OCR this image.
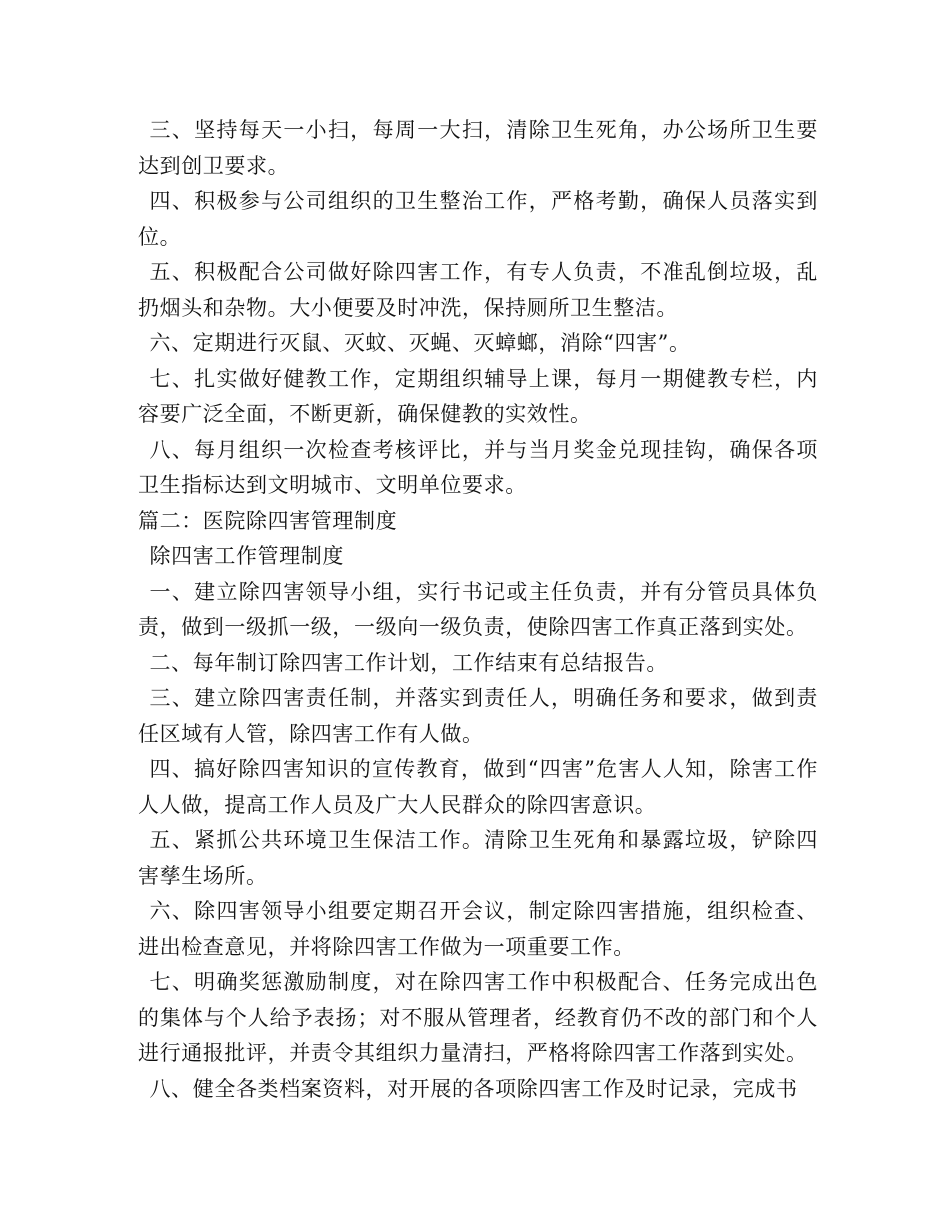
三、坚持每天一小扫，每周一大扫，清除卫生死角，办公场所卫生要达到创卫要求。

四、积极参与公司组织的卫生整治工作，严格考勤，确保人员落实到位。

五、积极配合公司做好除四害工作，有专人负责，不准乱倒垃圾，乱扔烟头和杂物。大小便要及时冲洗，保持厕所卫生整洁。

六、定期进行灭鼠、灭蚊、灭蝇、灭蟑螂，消除“四害”。

七、扎实做好健教工作，定期组织辅导上课，每月一期健教专栏，内容要广泛全面，不断更新，确保健教的实效性。

八、每月组织一次检查考核评比，并与当月奖金兑现挂钩，确保各项卫生指标达到文明城市、文明单位要求。

篇二：医院除四害管理制度

除四害工作管理制度

一、建立除四害领导小组，实行书记或主任负责，并有分管员具体负责，做到一级抓一级，一级向一级负责，使除四害工作真正落到实处。

二、每年制订除四害工作计划，工作结束有总结报告。

三、建立除四害责任制，并落实到责任人，明确任务和要求，做到责任区域有人管，除四害工作有人做。

四、搞好除四害知识的宣传教育，做到“四害”危害人人知，除害工作人人做，提高工作人员及广大人民群众的除四害意识。

五、紧抓公共环境卫生保洁工作。清除卫生死角和暴露垃圾，铲除四害孳生场所。

六、除四害领导小组要定期召开会议，制定除四害措施，组织检查、进出检查意见，并将除四害工作做为一项重要工作。

七、明确奖惩激励制度，对在除四害工作中积极配合、任务完成出色的集体与个人给予表扬；对不服从管理者，经教育仍不改的部门和个人进行通报批评，并责令其组织力量清扫，严格将除四害工作落到实处。

八、健全各类档案资料，对开展的各项除四害工作及时记录，完成书
